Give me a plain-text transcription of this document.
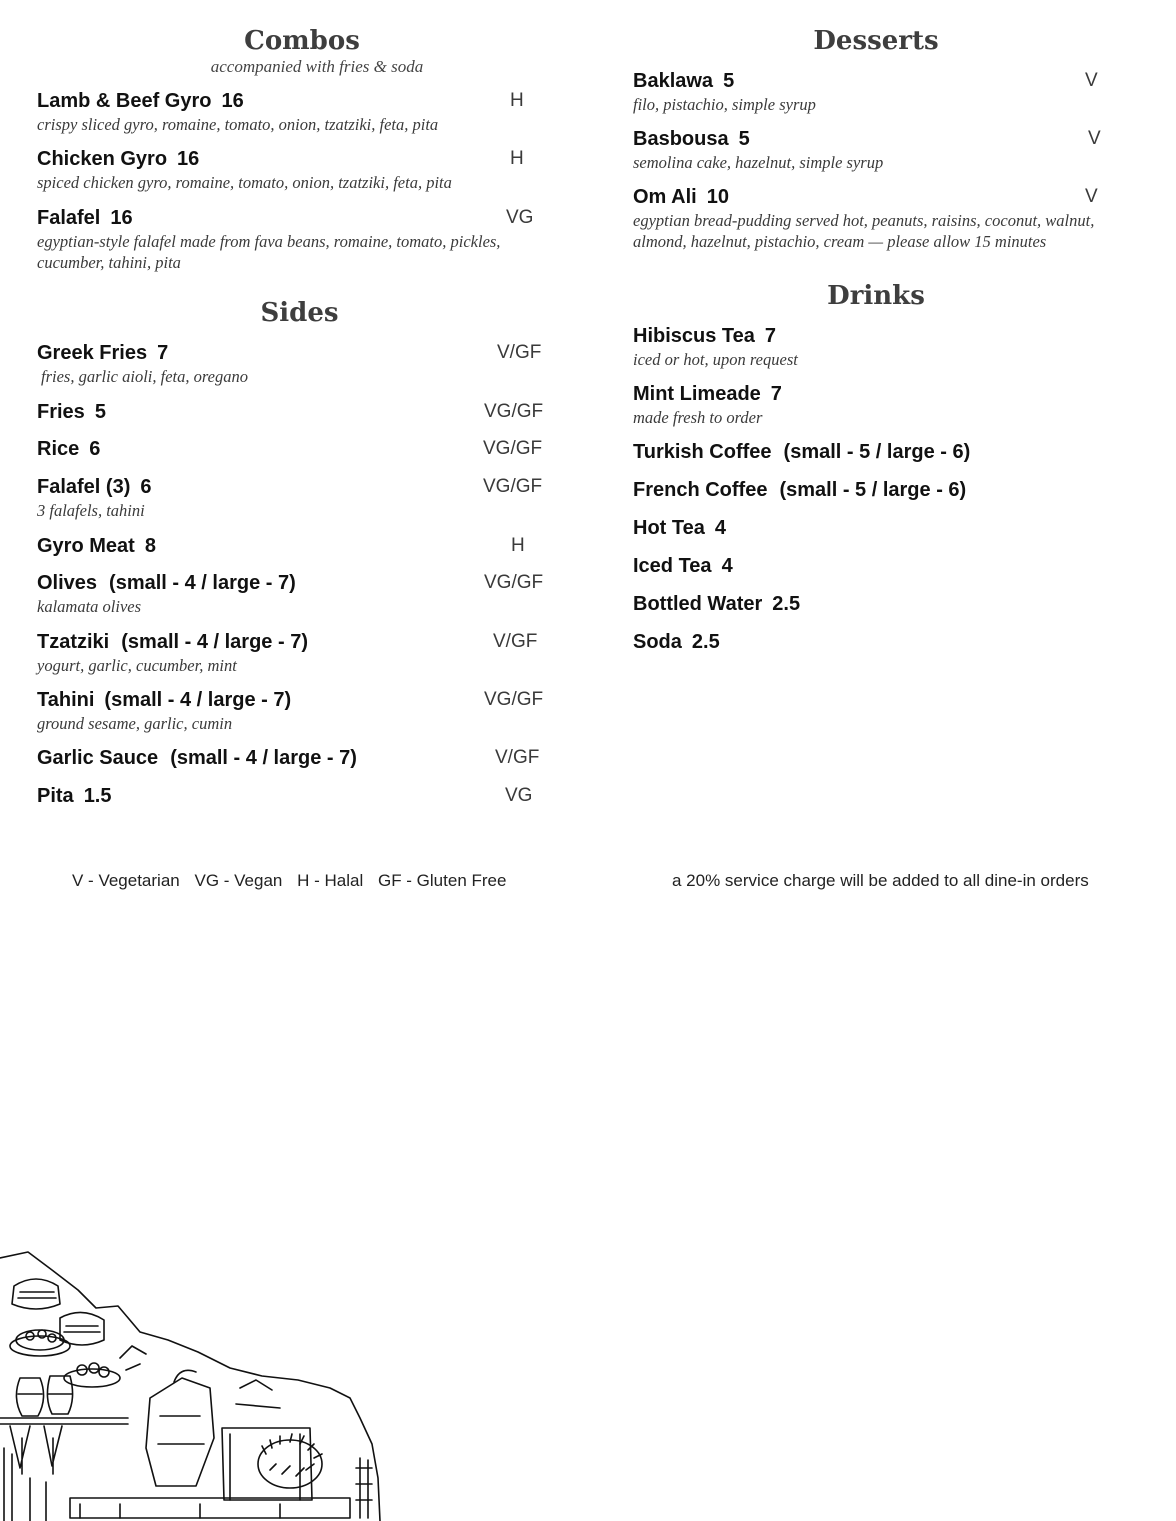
Combos
accompanied with fries & soda
Lamb & Beef Gyro 16
crispy sliced gyro, romaine, tomato, onion, tzatziki, feta, pita
H
Chicken Gyro 16
spiced chicken gyro, romaine, tomato, onion, tzatziki, feta, pita
H
Falafel 16
egyptian-style falafel made from fava beans, romaine, tomato, pickles, cucumber, tahini, pita
VG
Sides
Greek Fries 7
fries, garlic aioli, feta, oregano
V/GF
Fries 5	VG/GF
Rice 6	VG/GF
Falafel (3) 6
3 falafels, tahini
VG/GF
Gyro Meat 8	H
Olives (small - 4 / large - 7)
kalamata olives
VG/GF
Tzatziki (small - 4 / large - 7)
yogurt, garlic, cucumber, mint
V/GF
Tahini (small - 4 / large - 7)
ground sesame, garlic, cumin
VG/GF
Garlic Sauce (small - 4 / large - 7)	V/GF
Pita 1.5	VG
Desserts
Baklawa 5
filo, pistachio, simple syrup
V
Basbousa 5
semolina cake, hazelnut, simple syrup
V
Om Ali 10
egyptian bread-pudding served hot, peanuts, raisins, coconut, walnut, almond, hazelnut, pistachio, cream — please allow 15 minutes
V
Drinks
Hibiscus Tea 7
iced or hot, upon request
Mint Limeade 7
made fresh to order
Turkish Coffee (small - 5 / large - 6)
French Coffee (small - 5 / large - 6)
Hot Tea 4
Iced Tea 4
Bottled Water 2.5
Soda 2.5
V - Vegetarian VG - Vegan H - Halal GF - Gluten Free	a 20% service charge will be added to all dine-in orders
